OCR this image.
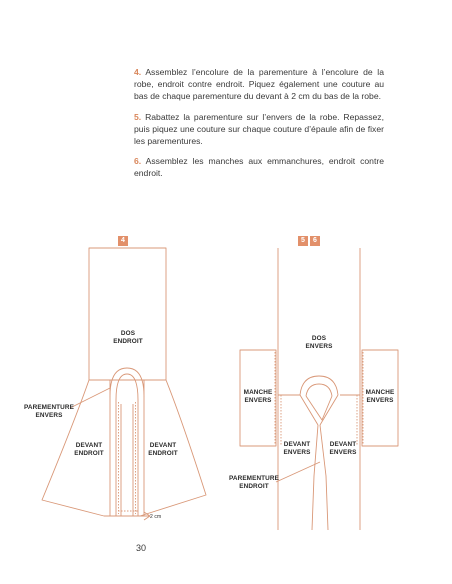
4. Assemblez l’encolure de la parementure à l’encolure de la robe, endroit contre endroit. Piquez également une couture au bas de chaque parementure du devant à 2 cm du bas de la robe.

5. Rabattez la parementure sur l’envers de la robe. Repassez, puis piquez une couture sur chaque couture d’épaule afin de fixer les parementures.

6. Assemblez les manches aux emmanchures, endroit contre endroit.

4	5	6
DOS
ENDROIT
PAREMENTURE
ENVERS
DEVANT
ENDROIT
DEVANT
ENDROIT
2 cm
DOS
ENVERS
MANCHE
ENVERS
MANCHE
ENVERS
DEVANT
ENVERS
DEVANT
ENVERS
PAREMENTURE
ENDROIT
30
